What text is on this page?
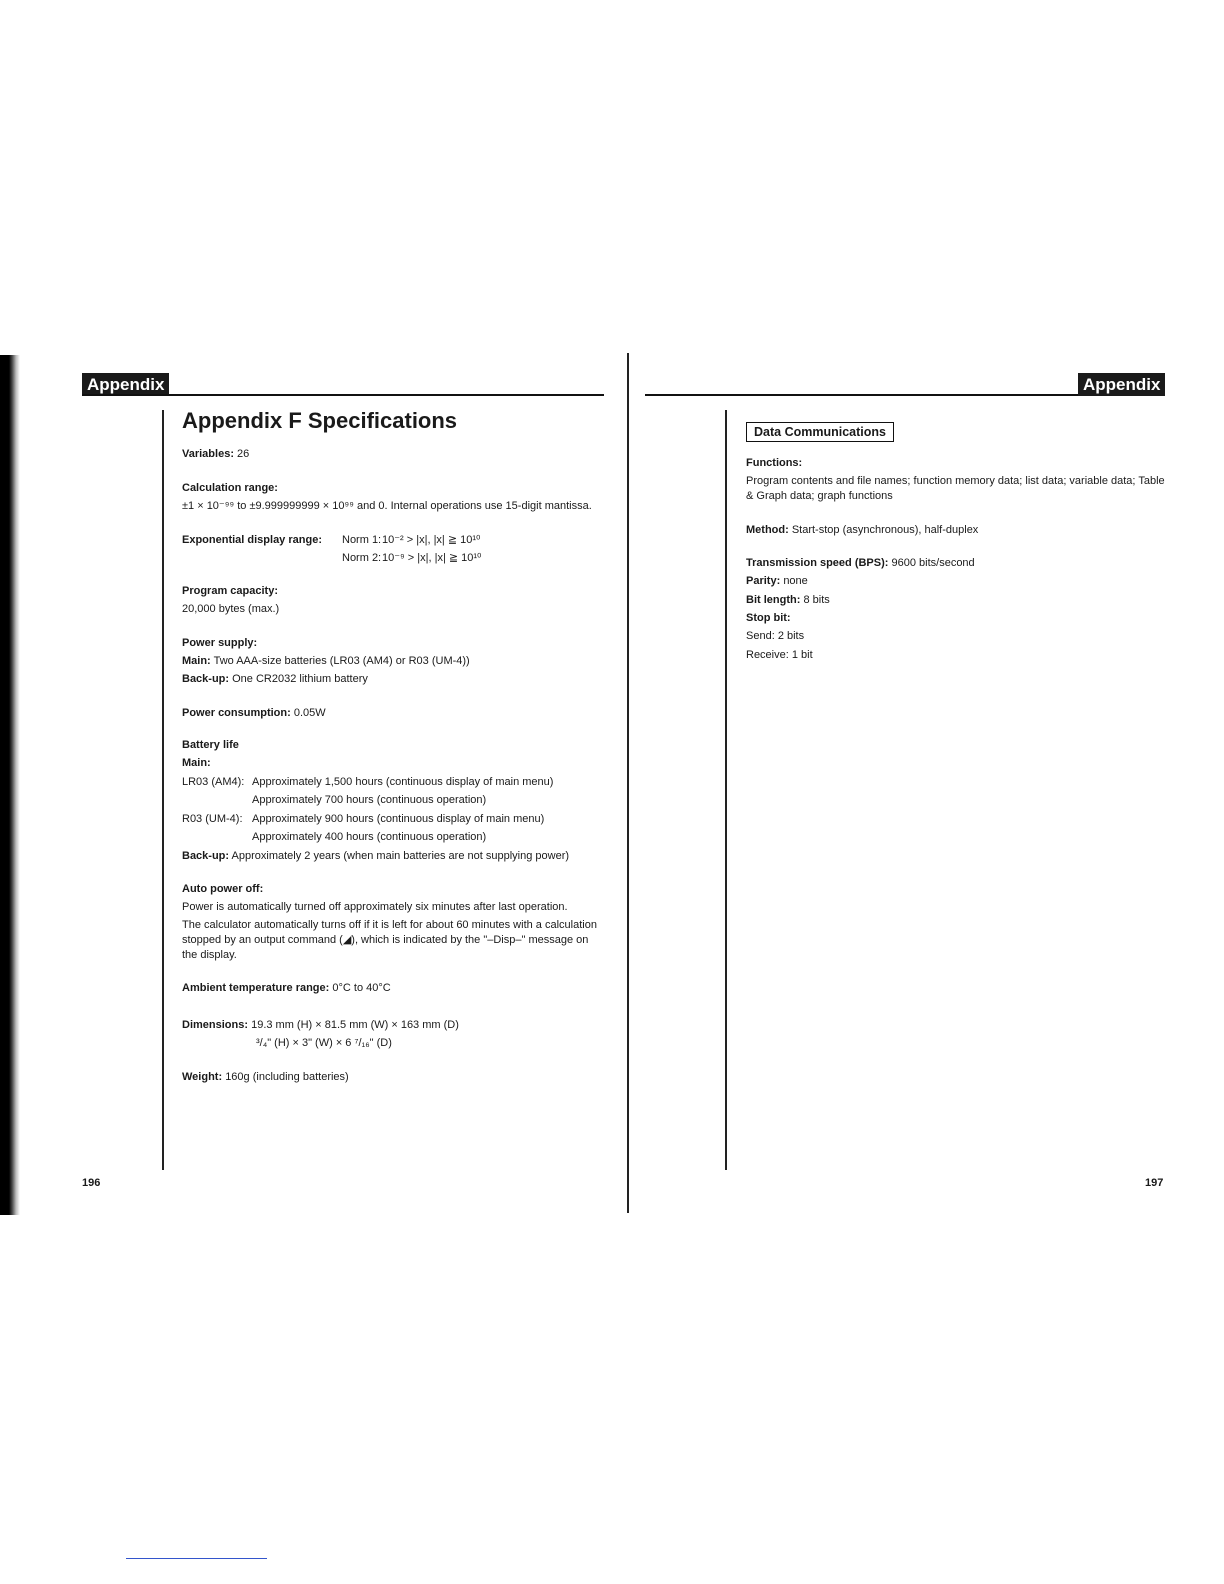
Appendix
Appendix F Specifications
Variables: 26
Calculation range:
±1 × 10⁻⁹⁹ to ±9.999999999 × 10⁹⁹ and 0. Internal operations use 15-digit mantissa.
Exponential display range: Norm 1: 10⁻² > |x|, |x| ≧ 10¹⁰
Norm 2: 10⁻⁹ > |x|, |x| ≧ 10¹⁰
Program capacity:
20,000 bytes (max.)
Power supply:
Main: Two AAA-size batteries (LR03 (AM4) or R03 (UM-4))
Back-up: One CR2032 lithium battery
Power consumption: 0.05W
Battery life
Main:
LR03 (AM4): Approximately 1,500 hours (continuous display of main menu)
Approximately 700 hours (continuous operation)
R03 (UM-4): Approximately 900 hours (continuous display of main menu)
Approximately 400 hours (continuous operation)
Back-up: Approximately 2 years (when main batteries are not supplying power)
Auto power off:
Power is automatically turned off approximately six minutes after last operation.
The calculator automatically turns off if it is left for about 60 minutes with a calculation stopped by an output command (◢), which is indicated by the "–Disp–" message on the display.
Ambient temperature range: 0°C to 40°C
Dimensions: 19.3 mm (H) × 81.5 mm (W) × 163 mm (D)
³/₄" (H) × 3" (W) × 6 ⁷/₁₆" (D)
Weight: 160g (including batteries)
196
Appendix
Data Communications
Functions:
Program contents and file names; function memory data; list data; variable data; Table & Graph data; graph functions
Method: Start-stop (asynchronous), half-duplex
Transmission speed (BPS): 9600 bits/second
Parity: none
Bit length: 8 bits
Stop bit:
Send: 2 bits
Receive: 1 bit
197
